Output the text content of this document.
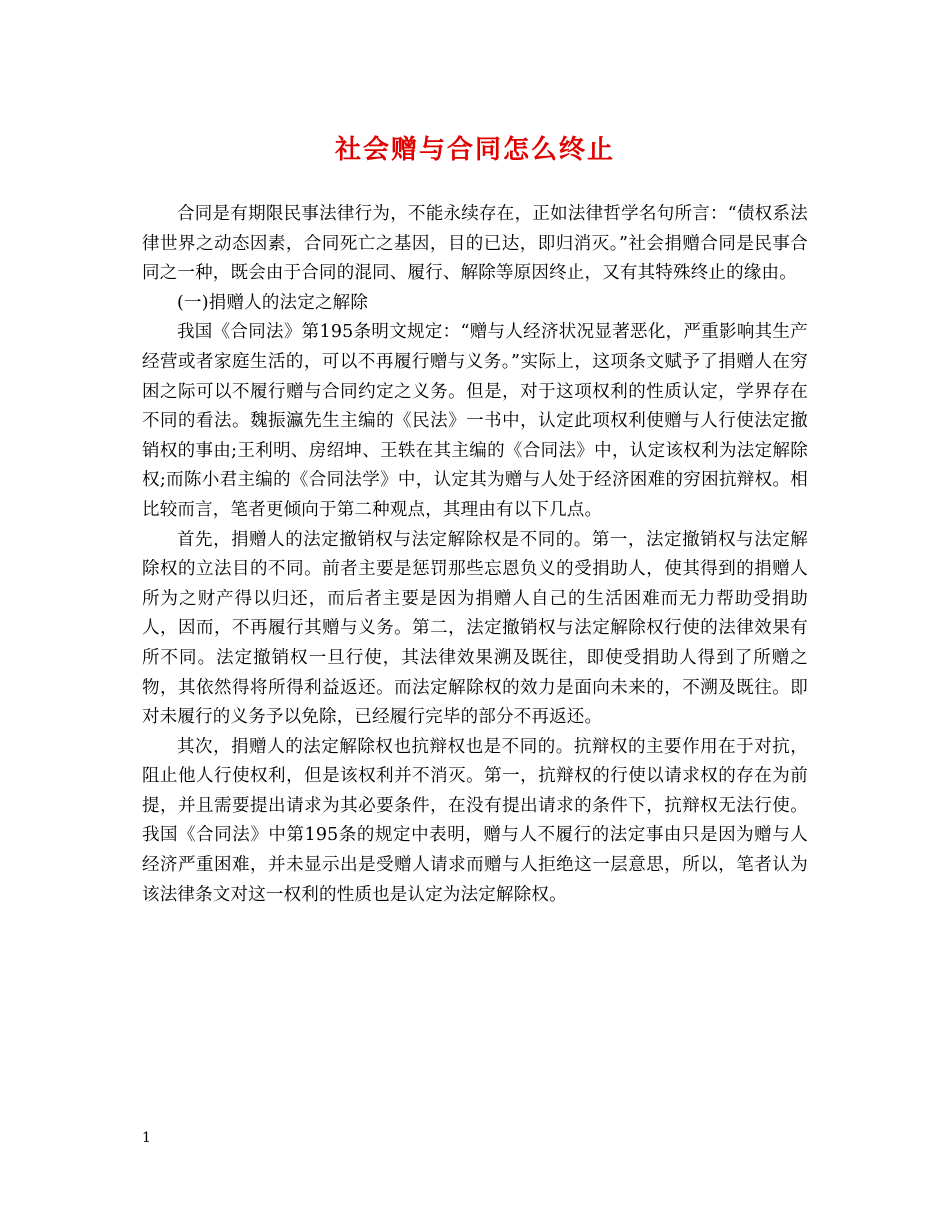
社会赠与合同怎么终止

合同是有期限民事法律行为，不能永续存在，正如法律哲学名句所言：“债权系法律世界之动态因素，合同死亡之基因，目的已达，即归消灭。”社会捐赠合同是民事合同之一种，既会由于合同的混同、履行、解除等原因终止，又有其特殊终止的缘由。

(一)捐赠人的法定之解除

我国《合同法》第195条明文规定：“赠与人经济状况显著恶化，严重影响其生产经营或者家庭生活的，可以不再履行赠与义务。”实际上，这项条文赋予了捐赠人在穷困之际可以不履行赠与合同约定之义务。但是，对于这项权利的性质认定，学界存在不同的看法。魏振瀛先生主编的《民法》一书中，认定此项权利使赠与人行使法定撤销权的事由;王利明、房绍坤、王轶在其主编的《合同法》中，认定该权利为法定解除权;而陈小君主编的《合同法学》中，认定其为赠与人处于经济困难的穷困抗辩权。相比较而言，笔者更倾向于第二种观点，其理由有以下几点。

首先，捐赠人的法定撤销权与法定解除权是不同的。第一，法定撤销权与法定解除权的立法目的不同。前者主要是惩罚那些忘恩负义的受捐助人，使其得到的捐赠人所为之财产得以归还，而后者主要是因为捐赠人自己的生活困难而无力帮助受捐助人，因而，不再履行其赠与义务。第二，法定撤销权与法定解除权行使的法律效果有所不同。法定撤销权一旦行使，其法律效果溯及既往，即使受捐助人得到了所赠之物，其依然得将所得利益返还。而法定解除权的效力是面向未来的，不溯及既往。即对未履行的义务予以免除，已经履行完毕的部分不再返还。

其次，捐赠人的法定解除权也抗辩权也是不同的。抗辩权的主要作用在于对抗，阻止他人行使权利，但是该权利并不消灭。第一，抗辩权的行使以请求权的存在为前提，并且需要提出请求为其必要条件，在没有提出请求的条件下，抗辩权无法行使。我国《合同法》中第195条的规定中表明，赠与人不履行的法定事由只是因为赠与人经济严重困难，并未显示出是受赠人请求而赠与人拒绝这一层意思，所以，笔者认为该法律条文对这一权利的性质也是认定为法定解除权。

1
